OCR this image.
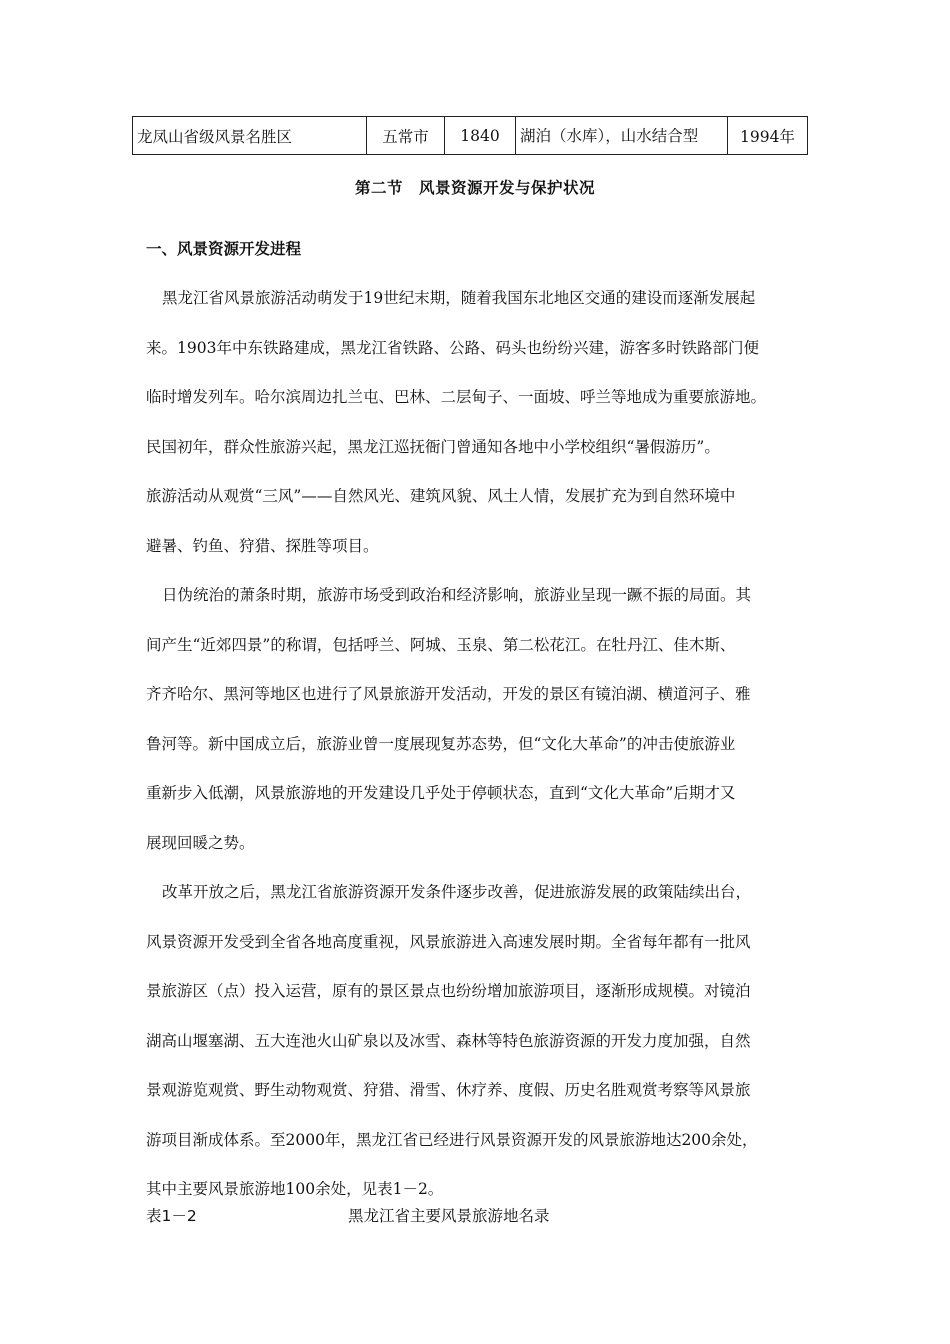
龙凤山省级风景名胜区	五常市	1840	湖泊（水库），山水结合型	1994年
第二节 风景资源开发与保护状况
一、风景资源开发进程
黑龙江省风景旅游活动萌发于19世纪末期，随着我国东北地区交通的建设而逐渐发展起
来。1903年中东铁路建成，黑龙江省铁路、公路、码头也纷纷兴建，游客多时铁路部门便
临时增发列车。哈尔滨周边扎兰屯、巴林、二层甸子、一面坡、呼兰等地成为重要旅游地。
民国初年，群众性旅游兴起，黑龙江巡抚衙门曾通知各地中小学校组织“暑假游历”。
旅游活动从观赏“三风”——自然风光、建筑风貌、风土人情，发展扩充为到自然环境中
避暑、钓鱼、狩猎、探胜等项目。
日伪统治的萧条时期，旅游市场受到政治和经济影响，旅游业呈现一蹶不振的局面。其
间产生“近郊四景”的称谓，包括呼兰、阿城、玉泉、第二松花江。在牡丹江、佳木斯、
齐齐哈尔、黑河等地区也进行了风景旅游开发活动，开发的景区有镜泊湖、横道河子、雅
鲁河等。新中国成立后，旅游业曾一度展现复苏态势，但“文化大革命”的冲击使旅游业
重新步入低潮，风景旅游地的开发建设几乎处于停顿状态，直到“文化大革命”后期才又
展现回暖之势。
改革开放之后，黑龙江省旅游资源开发条件逐步改善，促进旅游发展的政策陆续出台，
风景资源开发受到全省各地高度重视，风景旅游进入高速发展时期。全省每年都有一批风
景旅游区（点）投入运营，原有的景区景点也纷纷增加旅游项目，逐渐形成规模。对镜泊
湖高山堰塞湖、五大连池火山矿泉以及冰雪、森林等特色旅游资源的开发力度加强，自然
景观游览观赏、野生动物观赏、狩猎、滑雪、休疗养、度假、历史名胜观赏考察等风景旅
游项目渐成体系。至2000年，黑龙江省已经进行风景资源开发的风景旅游地达200余处，
其中主要风景旅游地100余处，见表1－2。
表1－2	黑龙江省主要风景旅游地名录
